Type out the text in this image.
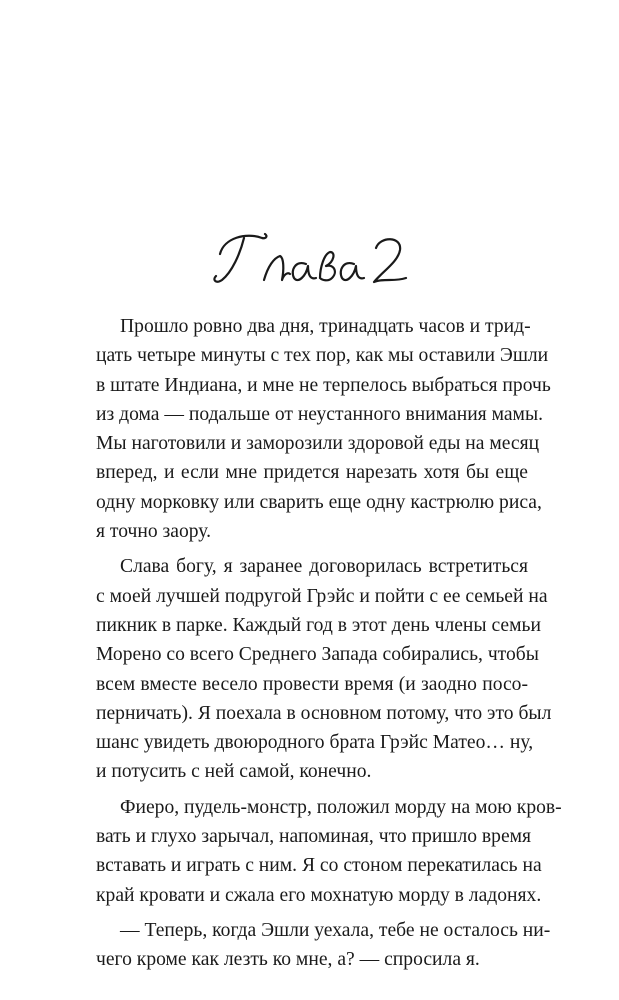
Прошло ровно два дня, тринадцать часов и трид-
цать четыре минуты с тех пор, как мы оставили Эшли
в штате Индиана, и мне не терпелось выбраться прочь
из дома — подальше от неустанного внимания мамы.
Мы наготовили и заморозили здоровой еды на месяц
вперед, и если мне придется нарезать хотя бы еще
одну морковку или сварить еще одну кастрюлю риса,
я точно заору.
Слава богу, я заранее договорилась встретиться
с моей лучшей подругой Грэйс и пойти с ее семьей на
пикник в парке. Каждый год в этот день члены семьи
Морено со всего Среднего Запада собирались, чтобы
всем вместе весело провести время (и заодно посо-
перничать). Я поехала в основном потому, что это был
шанс увидеть двоюродного брата Грэйс Матео… ну,
и потусить с ней самой, конечно.
Фиеро, пудель-монстр, положил морду на мою кров-
вать и глухо зарычал, напоминая, что пришло время
вставать и играть с ним. Я со стоном перекатилась на
край кровати и сжала его мохнатую морду в ладонях.
— Теперь, когда Эшли уехала, тебе не осталось ни-
чего кроме как лезть ко мне, а? — спросила я.
